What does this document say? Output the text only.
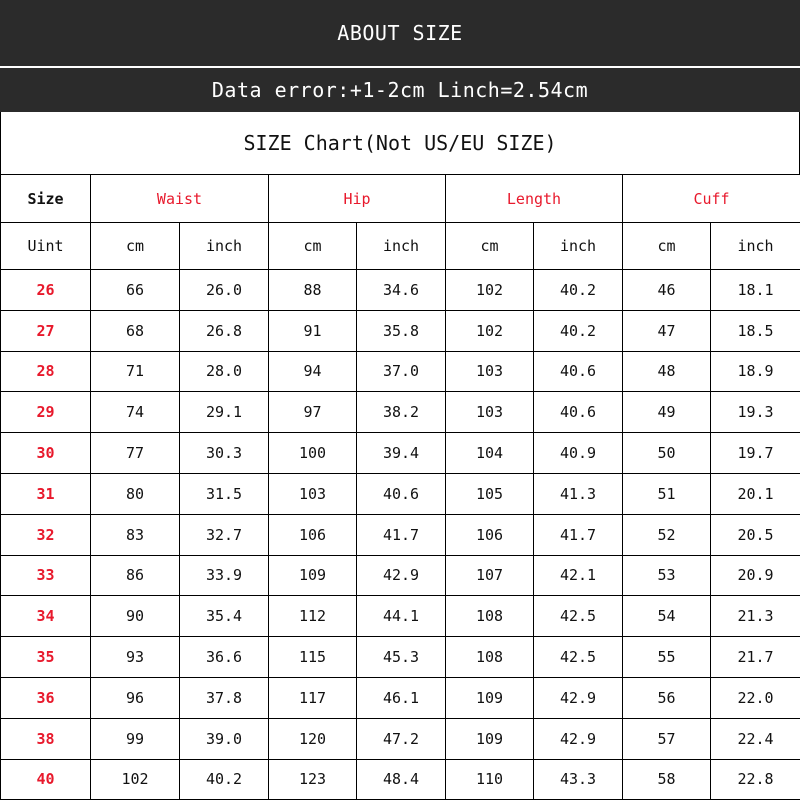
ABOUT SIZE
Data error:+1-2cm Linch=2.54cm
SIZE Chart(Not US/EU SIZE)
Size	Waist		Hip		Length		Cuff	
Uint	cm	inch	cm	inch	cm	inch	cm	inch
26	66	26.0	88	34.6	102	40.2	46	18.1
27	68	26.8	91	35.8	102	40.2	47	18.5
28	71	28.0	94	37.0	103	40.6	48	18.9
29	74	29.1	97	38.2	103	40.6	49	19.3
30	77	30.3	100	39.4	104	40.9	50	19.7
31	80	31.5	103	40.6	105	41.3	51	20.1
32	83	32.7	106	41.7	106	41.7	52	20.5
33	86	33.9	109	42.9	107	42.1	53	20.9
34	90	35.4	112	44.1	108	42.5	54	21.3
35	93	36.6	115	45.3	108	42.5	55	21.7
36	96	37.8	117	46.1	109	42.9	56	22.0
38	99	39.0	120	47.2	109	42.9	57	22.4
40	102	40.2	123	48.4	110	43.3	58	22.8
